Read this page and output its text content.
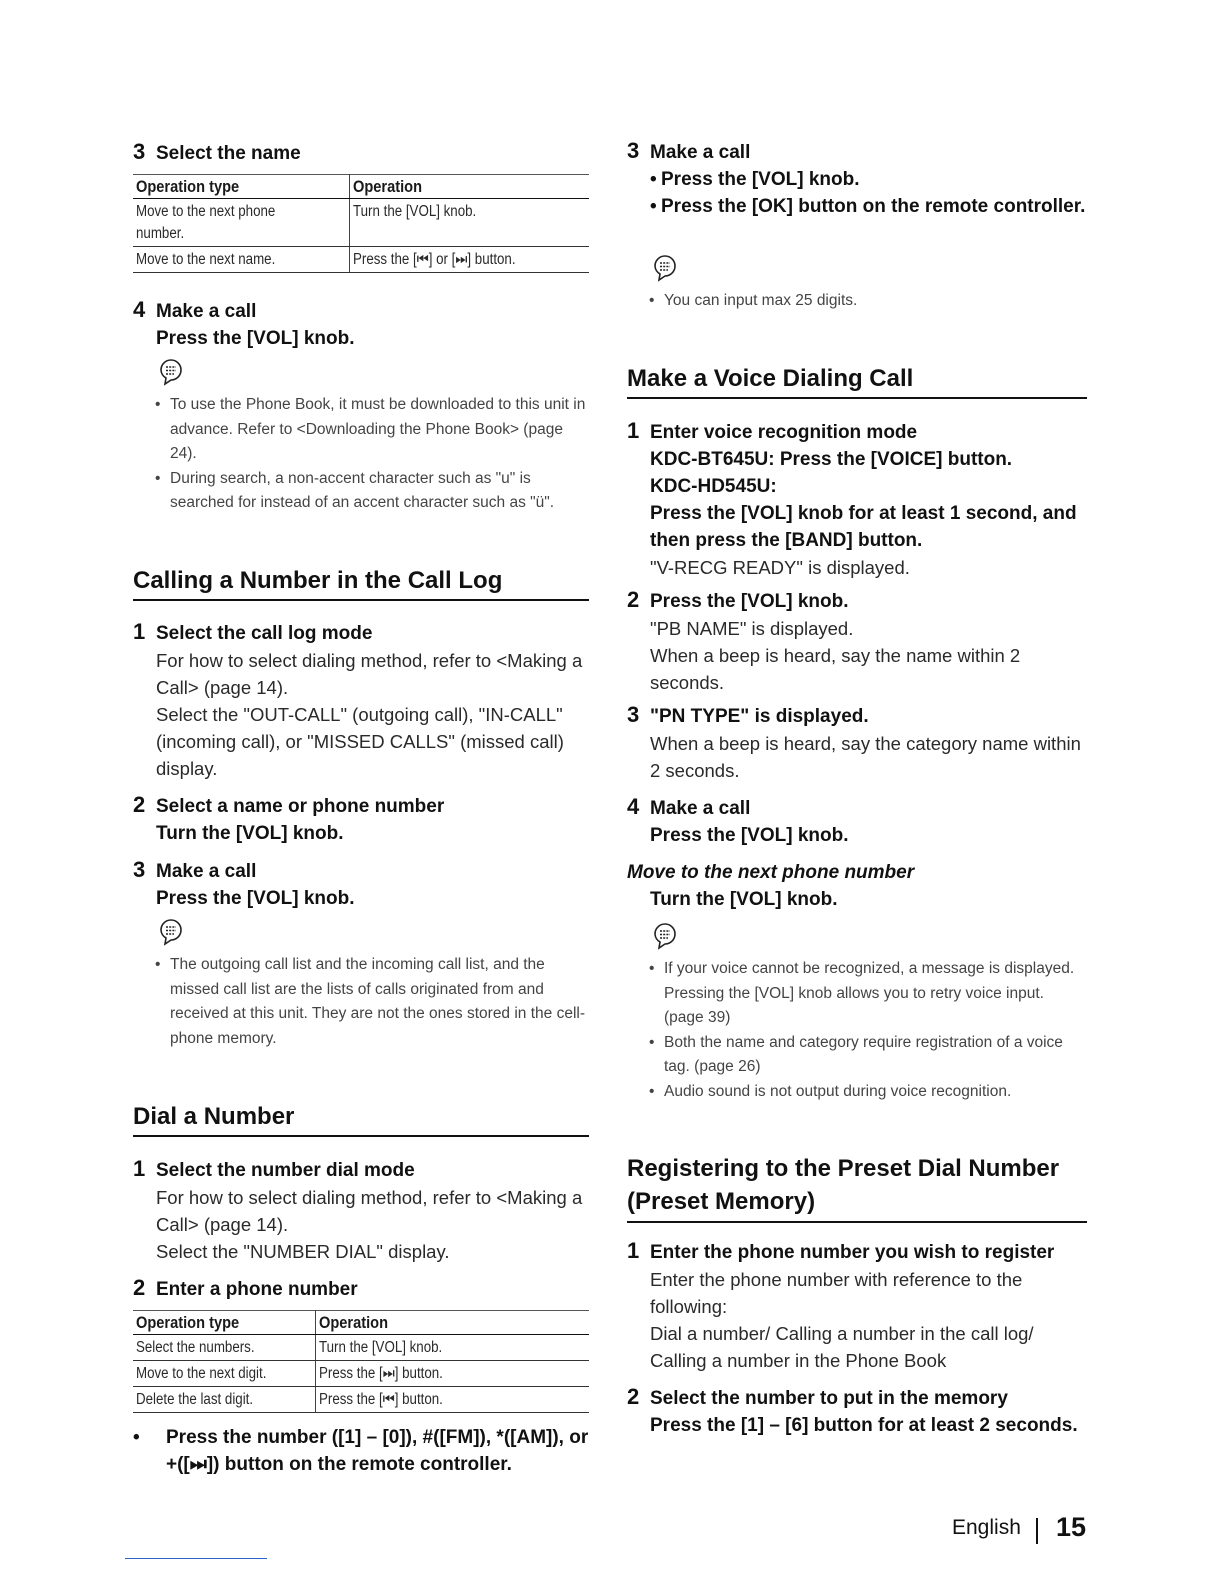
3 Select the name
Operation type	Operation
Move to the next phone number.	Turn the [VOL] knob.
Move to the next name.	Press the [⏮] or [⏭] button.
4 Make a call
Press the [VOL] knob.
• To use the Phone Book, it must be downloaded to this unit in advance. Refer to <Downloading the Phone Book> (page 24).
• During search, a non-accent character such as "u" is searched for instead of an accent character such as "ü".
Calling a Number in the Call Log
1 Select the call log mode
For how to select dialing method, refer to <Making a Call> (page 14).
Select the "OUT-CALL" (outgoing call), "IN-CALL" (incoming call), or "MISSED CALLS" (missed call) display.
2 Select a name or phone number
Turn the [VOL] knob.
3 Make a call
Press the [VOL] knob.
• The outgoing call list and the incoming call list, and the missed call list are the lists of calls originated from and received at this unit. They are not the ones stored in the cell-phone memory.
Dial a Number
1 Select the number dial mode
For how to select dialing method, refer to <Making a Call> (page 14).
Select the "NUMBER DIAL" display.
2 Enter a phone number
Operation type	Operation
Select the numbers.	Turn the [VOL] knob.
Move to the next digit.	Press the [⏭] button.
Delete the last digit.	Press the [⏮] button.
•	Press the number ([1] – [0]), #([FM]), *([AM]), or +([⏭]) button on the remote controller.
3 Make a call
• Press the [VOL] knob.
• Press the [OK] button on the remote controller.
• You can input max 25 digits.
Make a Voice Dialing Call
1 Enter voice recognition mode
KDC-BT645U: Press the [VOICE] button.
KDC-HD545U:
Press the [VOL] knob for at least 1 second, and then press the [BAND] button.
"V-RECG READY" is displayed.
2 Press the [VOL] knob.
"PB NAME" is displayed.
When a beep is heard, say the name within 2 seconds.
3 "PN TYPE" is displayed.
When a beep is heard, say the category name within 2 seconds.
4 Make a call
Press the [VOL] knob.
Move to the next phone number
Turn the [VOL] knob.
• If your voice cannot be recognized, a message is displayed. Pressing the [VOL] knob allows you to retry voice input. (page 39)
• Both the name and category require registration of a voice tag. (page 26)
• Audio sound is not output during voice recognition.
Registering to the Preset Dial Number (Preset Memory)
1 Enter the phone number you wish to register
Enter the phone number with reference to the following:
Dial a number/ Calling a number in the call log/ Calling a number in the Phone Book
2 Select the number to put in the memory
Press the [1] – [6] button for at least 2 seconds.
English 15
